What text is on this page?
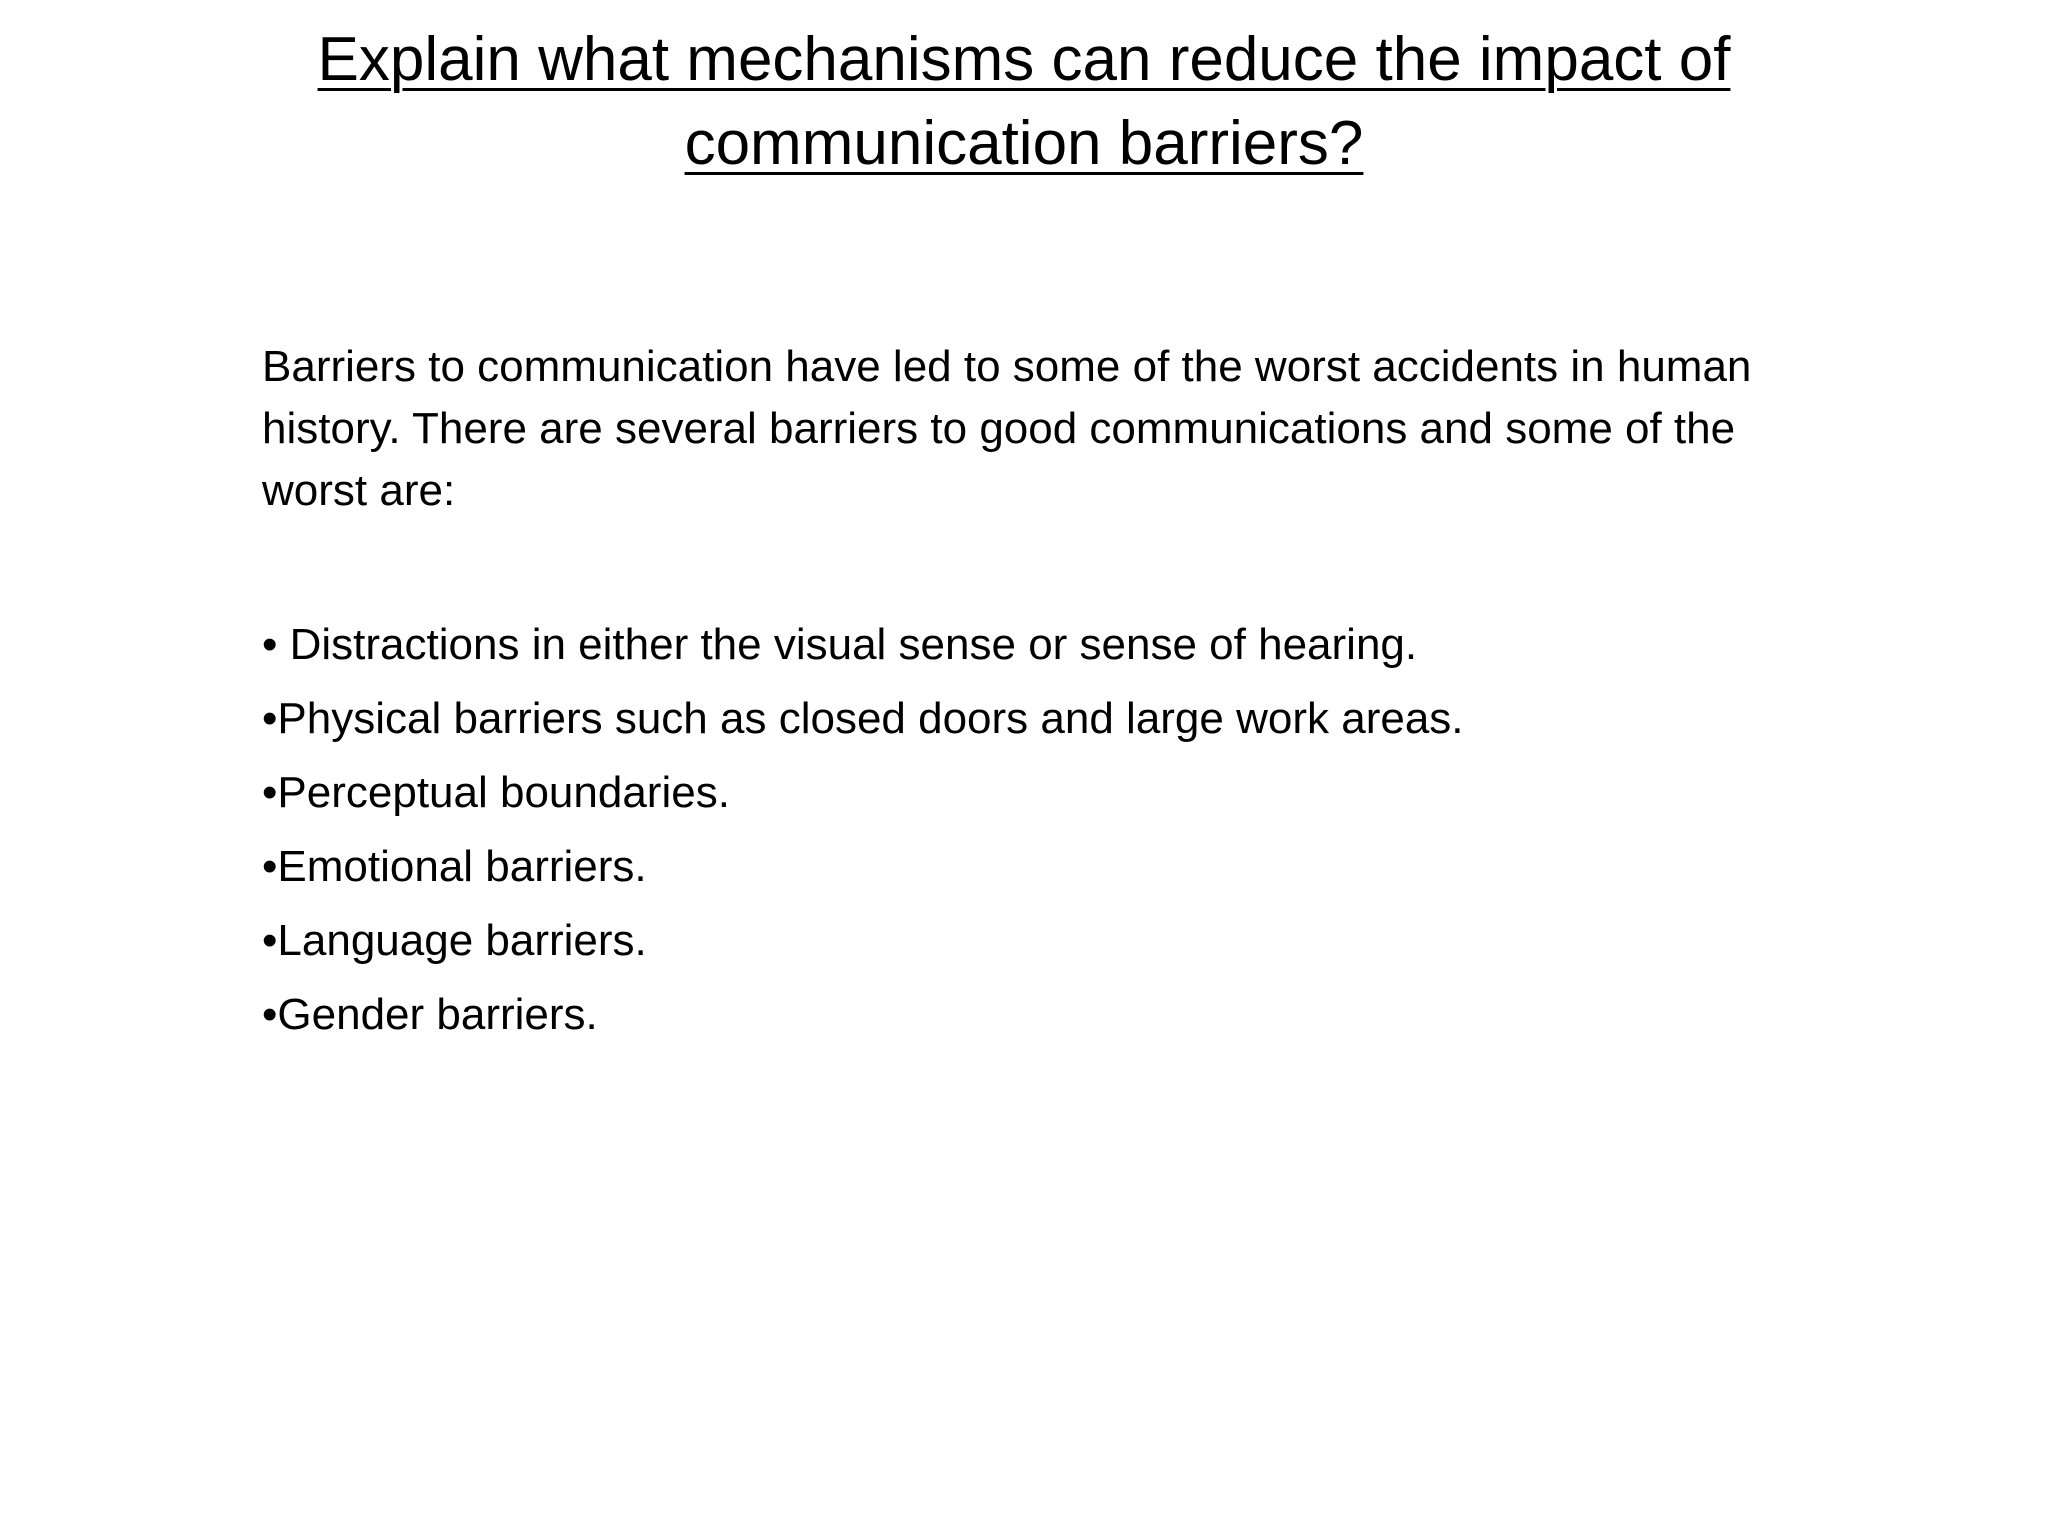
Explain what mechanisms can reduce the impact of
communication barriers?

Barriers to communication have led to some of the worst accidents in human history. There are several barriers to good communications and some of the worst are:

• Distractions in either the visual sense or sense of hearing.
•Physical barriers such as closed doors and large work areas.
•Perceptual boundaries.
•Emotional barriers.
•Language barriers.
•Gender barriers.
